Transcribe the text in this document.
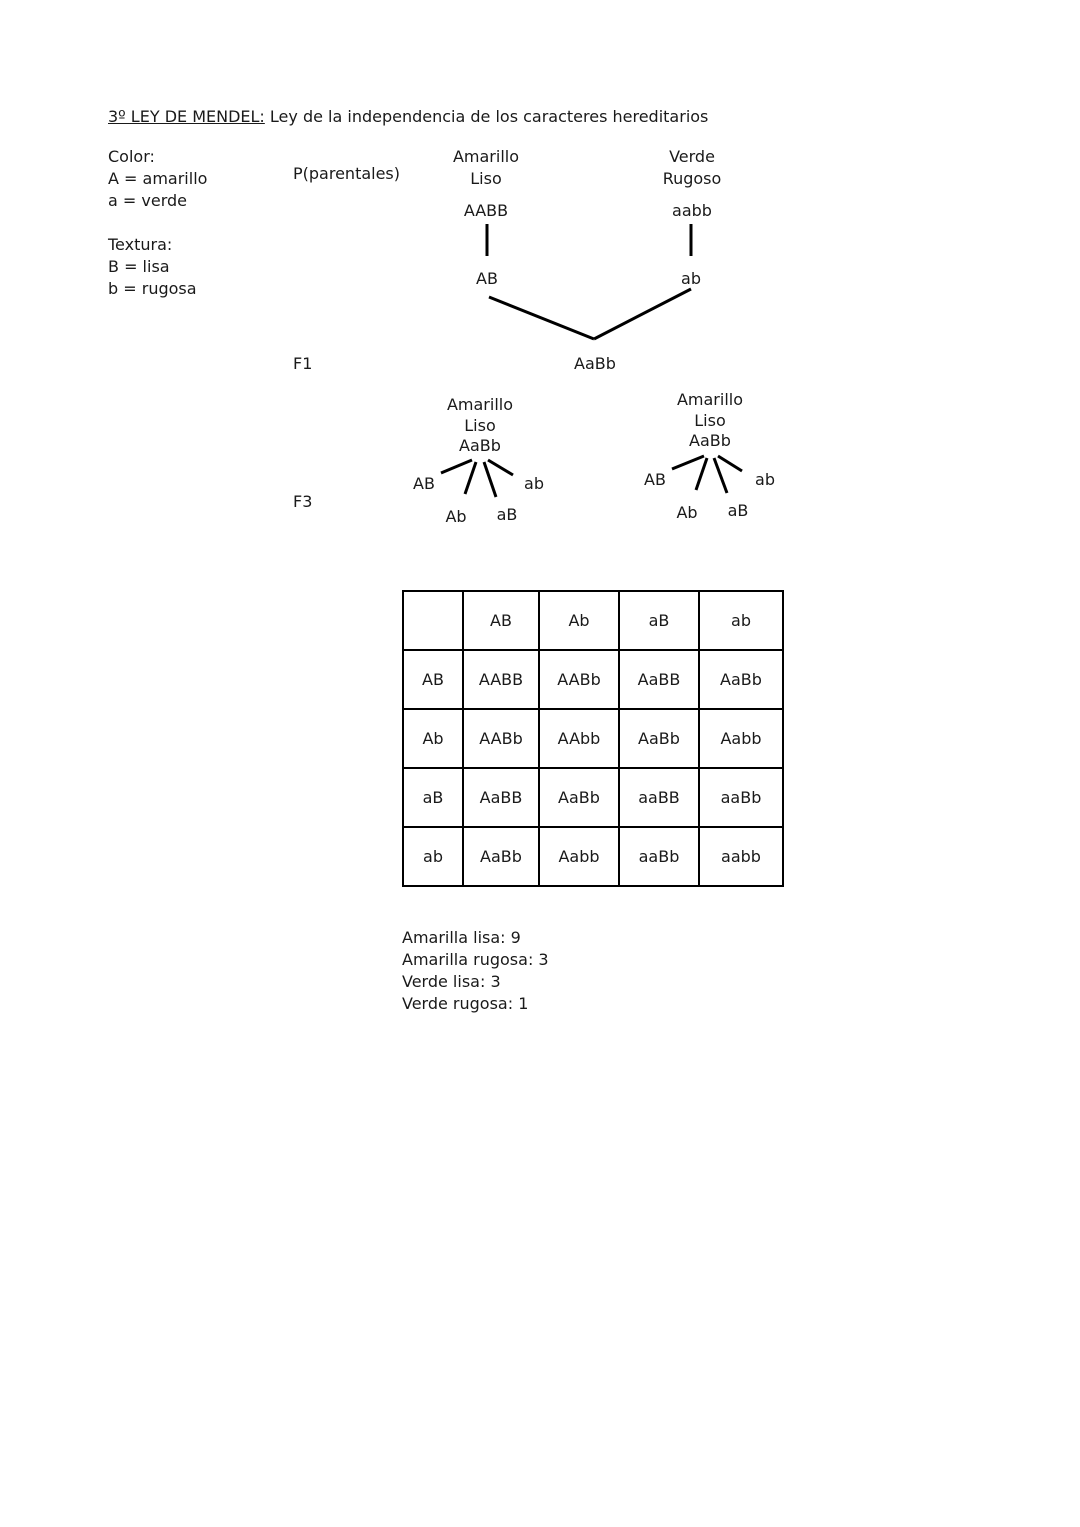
3º LEY DE MENDEL: Ley de la independencia de los caracteres hereditarios
Color:
A = amarillo
a = verde
Textura:
B = lisa
b = rugosa
P(parentales)
F1
F3
Amarillo
Liso
AABB
AB
Verde
Rugoso
aabb
ab
AaBb
Amarillo
Liso
AaBb
AB
Ab	aB
ab
Amarillo
Liso
AaBb
AB
Ab	aB
ab
	AB	Ab	aB	ab
AB	AABB	AABb	AaBB	AaBb
Ab	AABb	AAbb	AaBb	Aabb
aB	AaBB	AaBb	aaBB	aaBb
ab	AaBb	Aabb	aaBb	aabb
Amarilla lisa: 9
Amarilla rugosa: 3
Verde lisa: 3
Verde rugosa: 1
